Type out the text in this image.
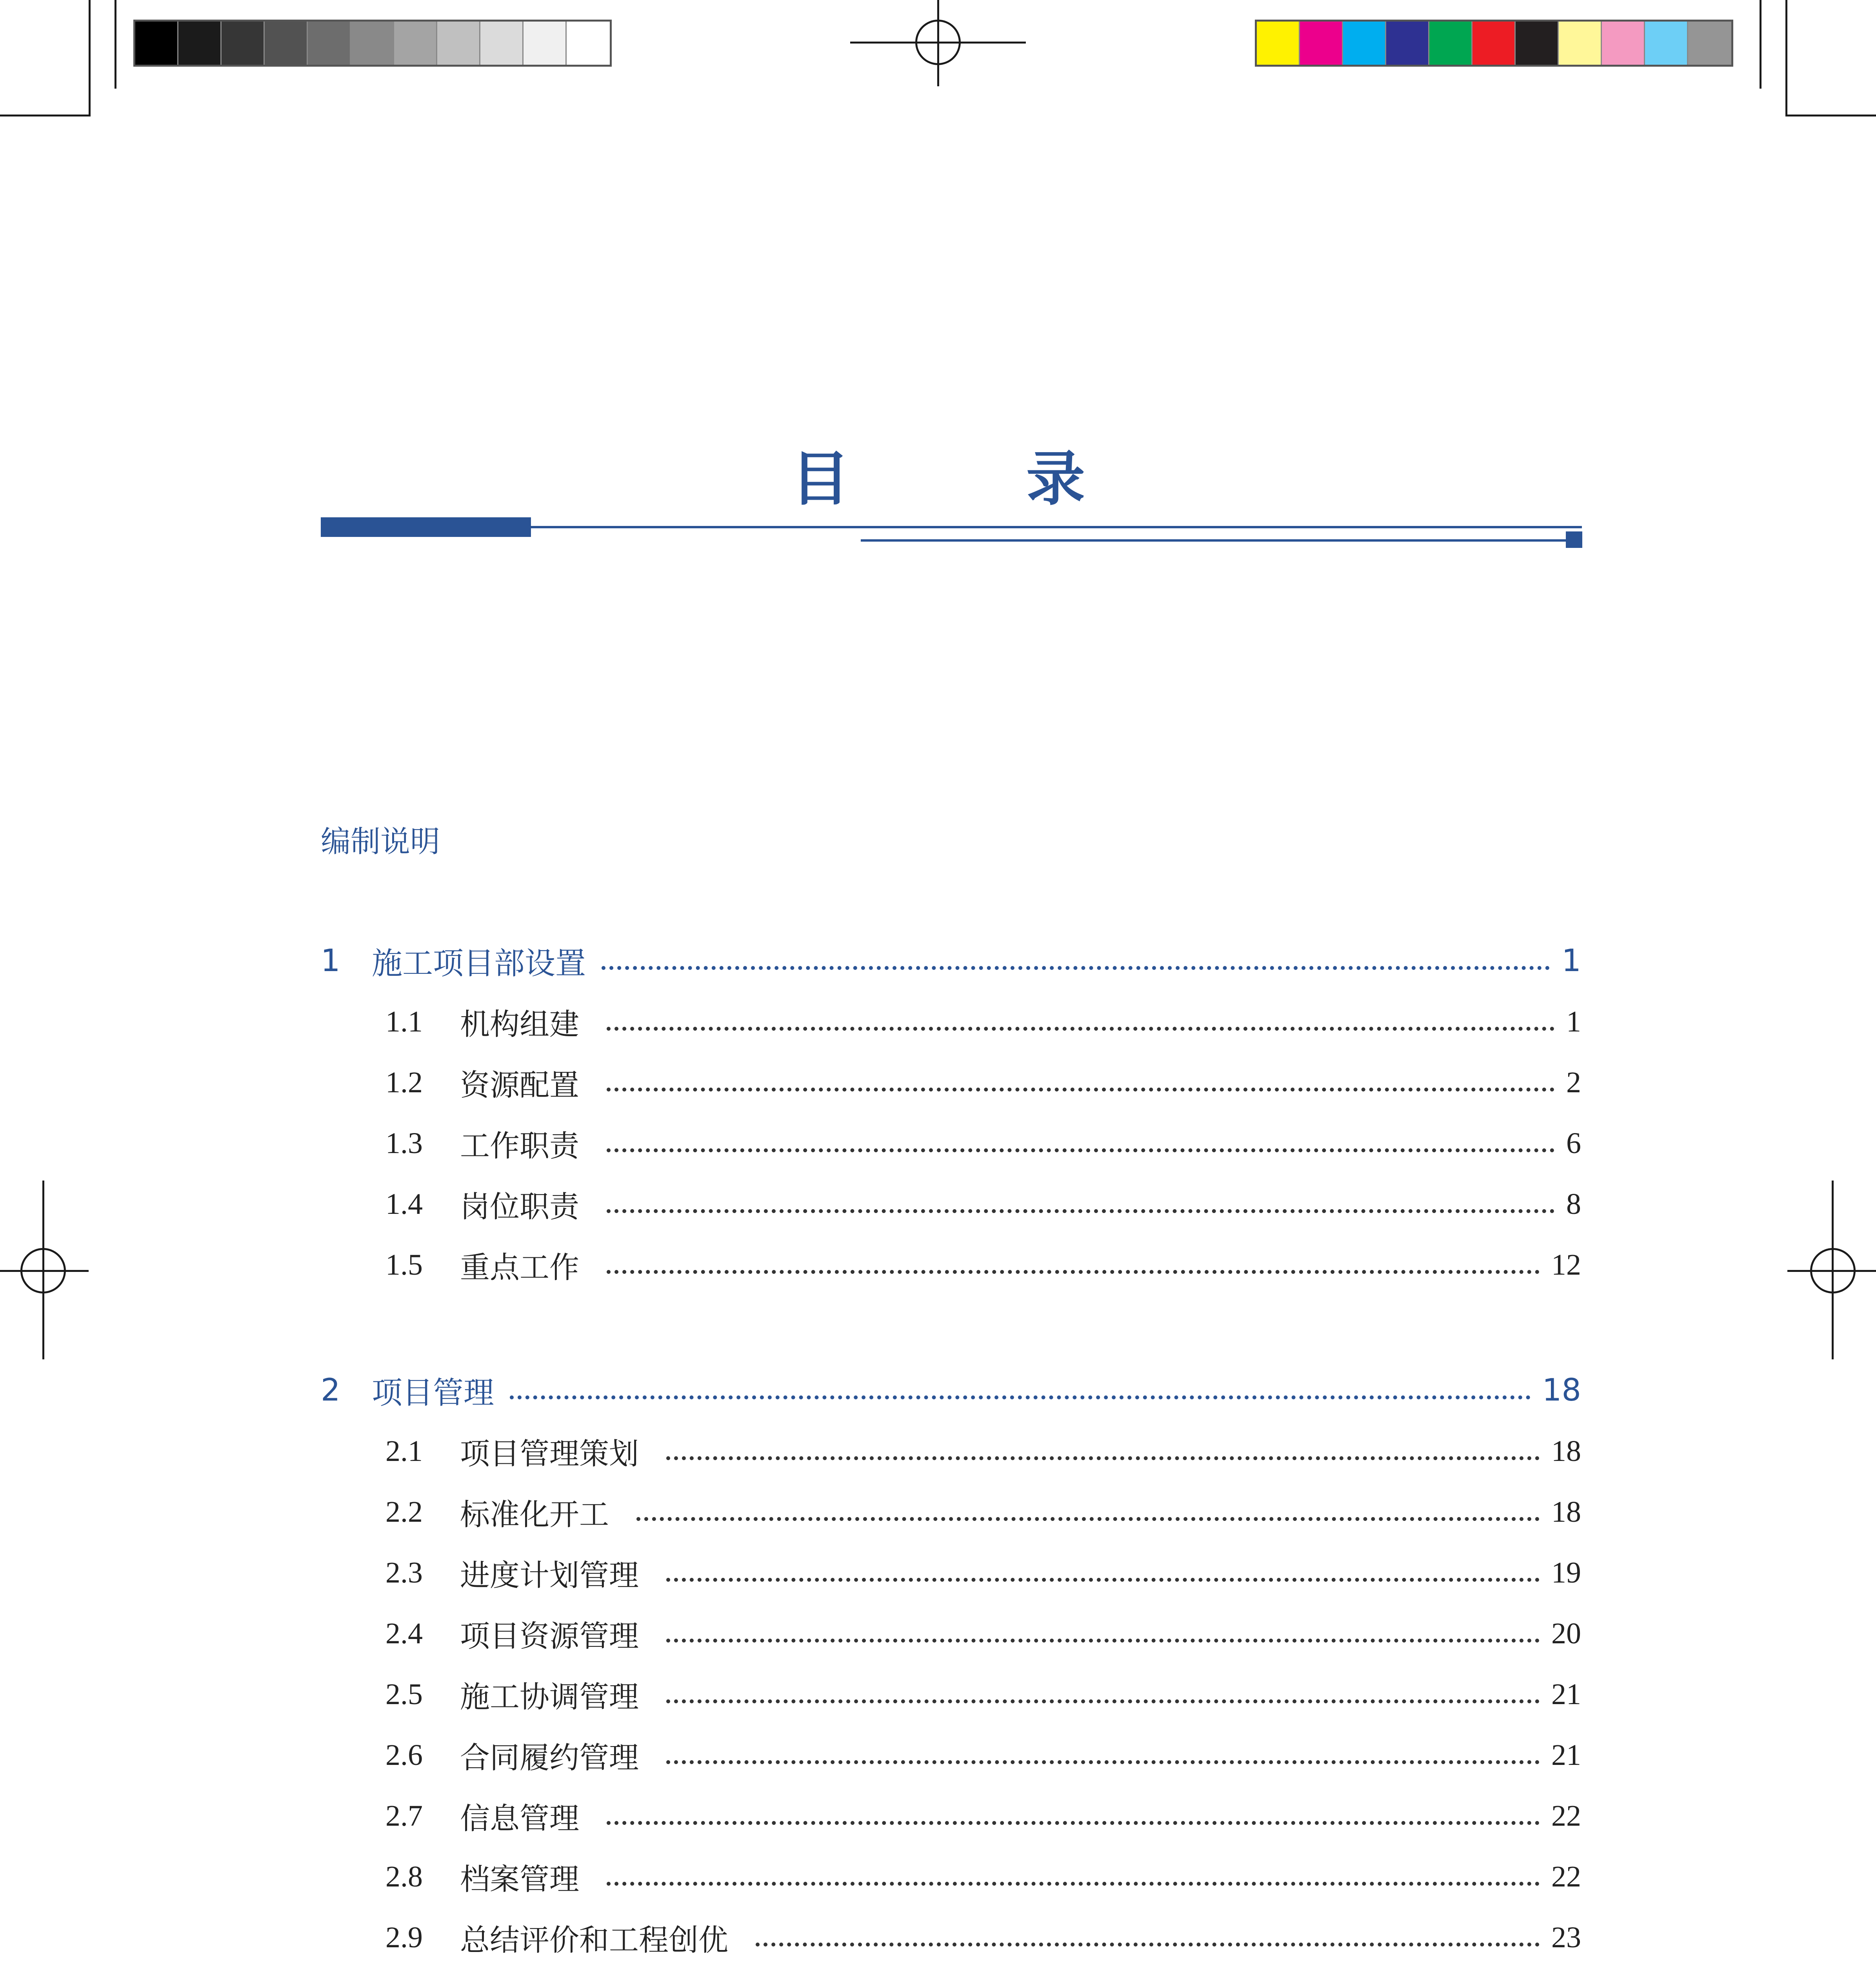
目　录
编制说明
1	施工项目部设置	1
1.1	机构组建	1
1.2	资源配置	2
1.3	工作职责	6
1.4	岗位职责	8
1.5	重点工作	12
2	项目管理	18
2.1	项目管理策划	18
2.2	标准化开工	18
2.3	进度计划管理	19
2.4	项目资源管理	20
2.5	施工协调管理	21
2.6	合同履约管理	21
2.7	信息管理	22
2.8	档案管理	22
2.9	总结评价和工程创优	23
